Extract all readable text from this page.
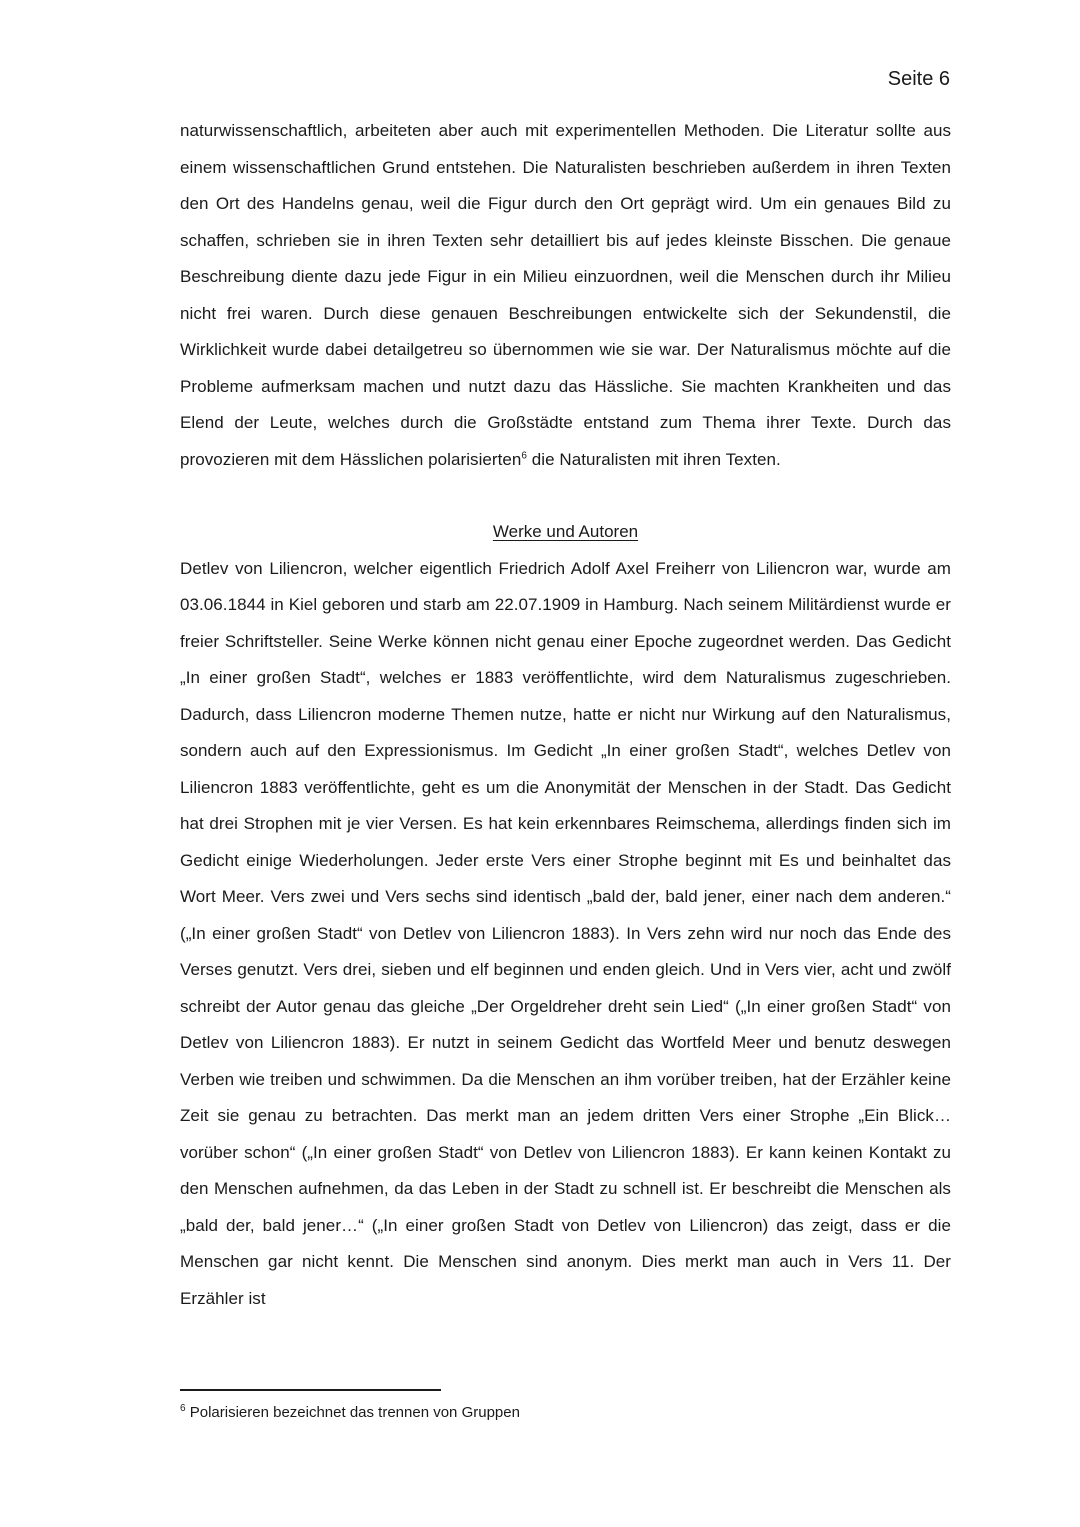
Seite 6

naturwissenschaftlich, arbeiteten aber auch mit experimentellen Methoden. Die Literatur sollte aus einem wissenschaftlichen Grund entstehen. Die Naturalisten beschrieben außerdem in ihren Texten den Ort des Handelns genau, weil die Figur durch den Ort geprägt wird. Um ein genaues Bild zu schaffen, schrieben sie in ihren Texten sehr detailliert bis auf jedes kleinste Bisschen. Die genaue Beschreibung diente dazu jede Figur in ein Milieu einzuordnen, weil die Menschen durch ihr Milieu nicht frei waren. Durch diese genauen Beschreibungen entwickelte sich der Sekundenstil, die Wirklichkeit wurde dabei detailgetreu so übernommen wie sie war. Der Naturalismus möchte auf die Probleme aufmerksam machen und nutzt dazu das Hässliche. Sie machten Krankheiten und das Elend der Leute, welches durch die Großstädte entstand zum Thema ihrer Texte. Durch das provozieren mit dem Hässlichen polarisierten$^6$ die Naturalisten mit ihren Texten.

Werke und Autoren

Detlev von Liliencron, welcher eigentlich Friedrich Adolf Axel Freiherr von Liliencron war, wurde am 03.06.1844 in Kiel geboren und starb am 22.07.1909 in Hamburg. Nach seinem Militärdienst wurde er freier Schriftsteller. Seine Werke können nicht genau einer Epoche zugeordnet werden. Das Gedicht „In einer großen Stadt“, welches er 1883 veröffentlichte, wird dem Naturalismus zugeschrieben. Dadurch, dass Liliencron moderne Themen nutze, hatte er nicht nur Wirkung auf den Naturalismus, sondern auch auf den Expressionismus. Im Gedicht „In einer großen Stadt“, welches Detlev von Liliencron 1883 veröffentlichte, geht es um die Anonymität der Menschen in der Stadt. Das Gedicht hat drei Strophen mit je vier Versen. Es hat kein erkennbares Reimschema, allerdings finden sich im Gedicht einige Wiederholungen. Jeder erste Vers einer Strophe beginnt mit Es und beinhaltet das Wort Meer. Vers zwei und Vers sechs sind identisch „bald der, bald jener, einer nach dem anderen.“ („In einer großen Stadt“ von Detlev von Liliencron 1883). In Vers zehn wird nur noch das Ende des Verses genutzt. Vers drei, sieben und elf beginnen und enden gleich. Und in Vers vier, acht und zwölf schreibt der Autor genau das gleiche „Der Orgeldreher dreht sein Lied“ („In einer großen Stadt“ von Detlev von Liliencron 1883). Er nutzt in seinem Gedicht das Wortfeld Meer und benutz deswegen Verben wie treiben und schwimmen. Da die Menschen an ihm vorüber treiben, hat der Erzähler keine Zeit sie genau zu betrachten. Das merkt man an jedem dritten Vers einer Strophe „Ein Blick… vorüber schon“ („In einer großen Stadt“ von Detlev von Liliencron 1883). Er kann keinen Kontakt zu den Menschen aufnehmen, da das Leben in der Stadt zu schnell ist. Er beschreibt die Menschen als „bald der, bald jener…“ („In einer großen Stadt von Detlev von Liliencron) das zeigt, dass er die Menschen gar nicht kennt. Die Menschen sind anonym. Dies merkt man auch in Vers 11. Der Erzähler ist

$^6$ Polarisieren bezeichnet das trennen von Gruppen
